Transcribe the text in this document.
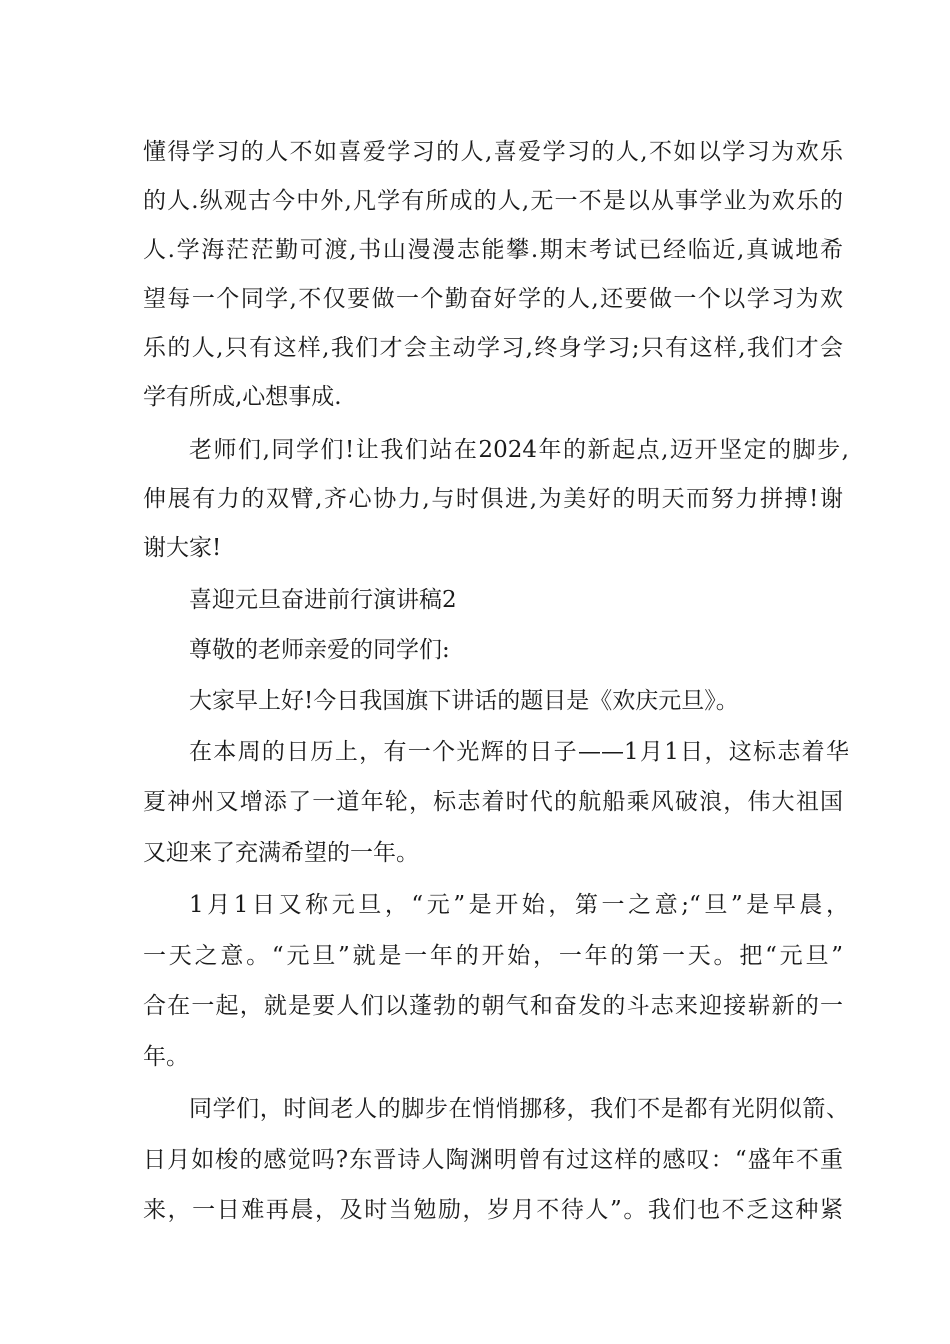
懂得学习的人不如喜爱学习的人,喜爱学习的人,不如以学习为欢乐

的人.纵观古今中外,凡学有所成的人,无一不是以从事学业为欢乐的

人.学海茫茫勤可渡,书山漫漫志能攀.期末考试已经临近,真诚地希

望每一个同学,不仅要做一个勤奋好学的人,还要做一个以学习为欢

乐的人,只有这样,我们才会主动学习,终身学习;只有这样,我们才会

学有所成,心想事成.

老师们,同学们!让我们站在2024年的新起点,迈开坚定的脚步,

伸展有力的双臂,齐心协力,与时俱进,为美好的明天而努力拼搏!谢

谢大家!

喜迎元旦奋进前行演讲稿2

尊敬的老师亲爱的同学们:

大家早上好!今日我国旗下讲话的题目是《欢庆元旦》。

在本周的日历上，有一个光辉的日子——1月1日，这标志着华

夏神州又增添了一道年轮，标志着时代的航船乘风破浪，伟大祖国

又迎来了充满希望的一年。

1月1日又称元旦，“元”是开始，第一之意;“旦”是早晨，

一天之意。“元旦”就是一年的开始，一年的第一天。把“元旦”

合在一起，就是要人们以蓬勃的朝气和奋发的斗志来迎接崭新的一

年。

同学们，时间老人的脚步在悄悄挪移，我们不是都有光阴似箭、

日月如梭的感觉吗?东晋诗人陶渊明曾有过这样的感叹：“盛年不重

来，一日难再晨，及时当勉励，岁月不待人”。我们也不乏这种紧
